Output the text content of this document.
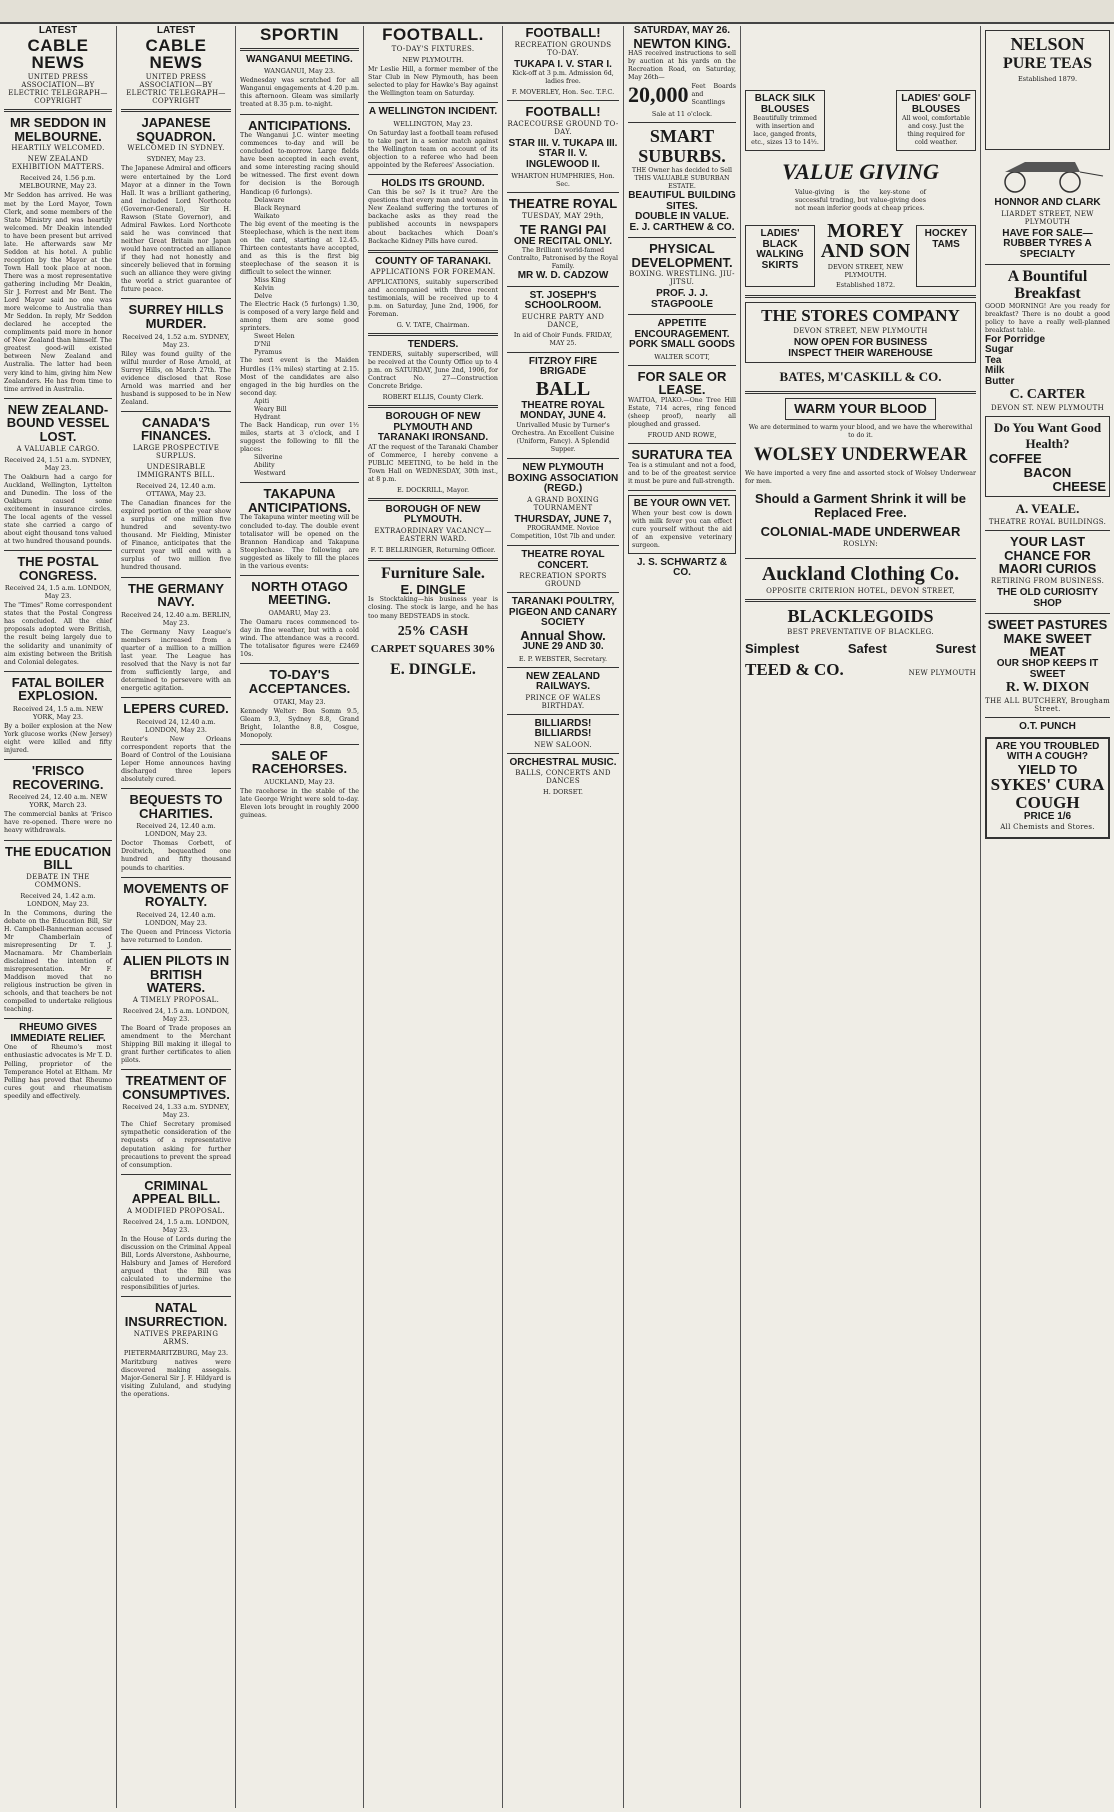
LATEST
CABLE NEWS
UNITED PRESS ASSOCIATION—BY ELECTRIC TELEGRAPH—COPYRIGHT
MR SEDDON IN MELBOURNE.
HEARTILY WELCOMED.
NEW ZEALAND EXHIBITION MATTERS.
Received 24, 1.56 p.m. MELBOURNE, May 23.
Mr Seddon has arrived. He was met by the Lord Mayor, Town Clerk, and some members of the State Ministry and was heartily welcomed. Mr Deakin intended to have been present but arrived late. He afterwards saw Mr Seddon at his hotel. A public reception by the Mayor at the Town Hall took place at noon. There was a most representative gathering including Mr Deakin, Sir J. Forrest and Mr Bent. The Lord Mayor said no one was more welcome to Australia than Mr Seddon. In reply, Mr Seddon declared he accepted the compliments paid more in honor of New Zealand than himself. The greatest good-will existed between New Zealand and Australia. The latter had been very kind to him, giving him New Zealanders. He has from time to time arrived in Australia.
NEW ZEALAND-BOUND VESSEL LOST.
A VALUABLE CARGO.
Received 24, 1.51 a.m. SYDNEY, May 23.
The Oakburn had a cargo for Auckland, Wellington, Lyttelton and Dunedin. The loss of the Oakburn caused some excitement in insurance circles. The local agents of the vessel state she carried a cargo of about eight thousand tons valued at two hundred thousand pounds.
THE POSTAL CONGRESS.
Received 24, 1.5 a.m. LONDON, May 23.
The "Times" Rome correspondent states that the Postal Congress has concluded. All the chief proposals adopted were British, the result being largely due to the solidarity and unanimity of aim existing between the British and Colonial delegates.
FATAL BOILER EXPLOSION.
Received 24, 1.5 a.m. NEW YORK, May 23.
By a boiler explosion at the New York glucose works (New Jersey) eight were killed and fifty injured.
'FRISCO RECOVERING.
Received 24, 12.40 a.m. NEW YORK, March 23.
The commercial banks at 'Frisco have re-opened. There were no heavy withdrawals.
THE EDUCATION BILL
DEBATE IN THE COMMONS.
Received 24, 1.42 a.m. LONDON, May 23.
In the Commons, during the debate on the Education Bill, Sir H. Campbell-Bannerman accused Mr Chamberlain of misrepresenting Dr T. J. Macnamara. Mr Chamberlain disclaimed the intention of misrepresentation. Mr F. Maddison moved that no religious instruction be given in schools, and that teachers be not compelled to undertake religious teaching.
RHEUMO GIVES IMMEDIATE RELIEF.
One of Rheumo's most enthusiastic advocates is Mr T. D. Pelling, proprietor of the Temperance Hotel at Eltham. Mr Pelling has proved that Rheumo cures gout and rheumatism speedily and effectively.
LATEST
CABLE NEWS
UNITED PRESS ASSOCIATION—BY ELECTRIC TELEGRAPH—COPYRIGHT
JAPANESE SQUADRON.
WELCOMED IN SYDNEY.
SYDNEY, May 23.
The Japanese Admiral and officers were entertained by the Lord Mayor at a dinner in the Town Hall. It was a brilliant gathering, and included Lord Northcote (Governor-General), Sir H. Rawson (State Governor), and Admiral Fawkes. Lord Northcote said he was convinced that neither Great Britain nor Japan would have contracted an alliance if they had not honestly and sincerely believed that in forming such an alliance they were giving the world a strict guarantee of future peace.
SURREY HILLS MURDER.
Received 24, 1.52 a.m. SYDNEY, May 23.
Riley was found guilty of the wilful murder of Rose Arnold, at Surrey Hills, on March 27th. The evidence disclosed that Rose Arnold was married and her husband is supposed to be in New Zealand.
CANADA'S FINANCES.
LARGE PROSPECTIVE SURPLUS.
UNDESIRABLE IMMIGRANTS BILL.
Received 24, 12.40 a.m. OTTAWA, May 23.
The Canadian finances for the expired portion of the year show a surplus of one million five hundred and seventy-two thousand. Mr Fielding, Minister of Finance, anticipates that the current year will end with a surplus of two million five hundred thousand.
THE GERMANY NAVY.
Received 24, 12.40 a.m. BERLIN, May 23.
The Germany Navy League's members increased from a quarter of a million to a million last year. The League has resolved that the Navy is not far from sufficiently large, and determined to persevere with an energetic agitation.
LEPERS CURED.
Received 24, 12.40 a.m. LONDON, May 23.
Reuter's New Orleans correspondent reports that the Board of Control of the Louisiana Leper Home announces having discharged three lepers absolutely cured.
BEQUESTS TO CHARITIES.
Received 24, 12.40 a.m. LONDON, May 23.
Doctor Thomas Corbett, of Droitwich, bequeathed one hundred and fifty thousand pounds to charities.
MOVEMENTS OF ROYALTY.
Received 24, 12.40 a.m. LONDON, May 23.
The Queen and Princess Victoria have returned to London.
ALIEN PILOTS IN BRITISH WATERS.
A TIMELY PROPOSAL.
Received 24, 1.5 a.m. LONDON, May 23.
The Board of Trade proposes an amendment to the Merchant Shipping Bill making it illegal to grant further certificates to alien pilots.
TREATMENT OF CONSUMPTIVES.
Received 24, 1.33 a.m. SYDNEY, May 23.
The Chief Secretary promised sympathetic consideration of the requests of a representative deputation asking for further precautions to prevent the spread of consumption.
CRIMINAL APPEAL BILL.
A MODIFIED PROPOSAL.
Received 24, 1.5 a.m. LONDON, May 23.
In the House of Lords during the discussion on the Criminal Appeal Bill, Lords Alverstone, Ashbourne, Halsbury and James of Hereford argued that the Bill was calculated to undermine the responsibilities of juries.
NATAL INSURRECTION.
NATIVES PREPARING ARMS.
PIETERMARITZBURG, May 23.
Maritzburg natives were discovered making assegais. Major-General Sir J. F. Hildyard is visiting Zululand, and studying the operations.
SPORTIN
WANGANUI MEETING.
WANGANUI, May 23.
Wednesday was scratched for all Wanganui engagements at 4.20 p.m. this afternoon. Gleam was similarly treated at 8.35 p.m. to-night.
ANTICIPATIONS.
The Wanganui J.C. winter meeting commences to-day and will be concluded to-morrow. Large fields have been accepted in each event, and some interesting racing should be witnessed. The first event down for decision is the Borough Handicap (6 furlongs).
Delaware
Black Reynard
Waikato
The big event of the meeting is the Steeplechase, which is the next item on the card, starting at 12.45. Thirteen contestants have accepted, and as this is the first big steeplechase of the season it is difficult to select the winner.
Miss King
Kelvin
Delve
The Electric Hack (5 furlongs) 1.30, is composed of a very large field and among them are some good sprinters.
Sweet Helen
D'Nil
Pyramus
The next event is the Maiden Hurdles (1¾ miles) starting at 2.15. Most of the candidates are also engaged in the big hurdles on the second day.
Apiti
Weary Bill
Hydrant
The Back Handicap, run over 1½ miles, starts at 3 o'clock, and I suggest the following to fill the places:
Silverine
Ability
Westward
TAKAPUNA ANTICIPATIONS.
The Takapuna winter meeting will be concluded to-day. The double event totalisator will be opened on the Brannon Handicap and Takapuna Steeplechase. The following are suggested as likely to fill the places in the various events:
NORTH OTAGO MEETING.
OAMARU, May 23.
The Oamaru races commenced to-day in fine weather, but with a cold wind. The attendance was a record. The totalisator figures were £2469 10s.
TO-DAY'S ACCEPTANCES.
OTAKI, May 23.
Kennedy Welter: Bon Somm 9.5, Gleam 9.3, Sydney 8.8, Grand Bright, Iolanthe 8.8, Cosgue, Monopoly.
SALE OF RACEHORSES.
AUCKLAND, May 23.
The racehorse in the stable of the late George Wright were sold to-day. Eleven lots brought in roughly 2000 guineas.
FOOTBALL.
TO-DAY'S FIXTURES.
NEW PLYMOUTH.
Mr Leslie Hill, a former member of the Star Club in New Plymouth, has been selected to play for Hawke's Bay against the Wellington team on Saturday.
A WELLINGTON INCIDENT.
WELLINGTON, May 23.
On Saturday last a football team refused to take part in a senior match against the Wellington team on account of its objection to a referee who had been appointed by the Referees' Association.
HOLDS ITS GROUND.
Can this be so? Is it true? Are the questions that every man and woman in New Zealand suffering the tortures of backache asks as they read the published accounts in newspapers about backaches which Doan's Backache Kidney Pills have cured.
COUNTY OF TARANAKI.
APPLICATIONS FOR FOREMAN.
APPLICATIONS, suitably superscribed and accompanied with three recent testimonials, will be received up to 4 p.m. on Saturday, June 2nd, 1906, for Foreman.
G. V. TATE, Chairman.
TENDERS.
TENDERS, suitably superscribed, will be received at the County Office up to 4 p.m. on SATURDAY, June 2nd, 1906, for Contract No. 27—Construction Concrete Bridge.
ROBERT ELLIS, County Clerk.
BOROUGH OF NEW PLYMOUTH AND TARANAKI IRONSAND.
AT the request of the Taranaki Chamber of Commerce, I hereby convene a PUBLIC MEETING, to be held in the Town Hall on WEDNESDAY, 30th inst., at 8 p.m.
E. DOCKRILL, Mayor.
BOROUGH OF NEW PLYMOUTH.
EXTRAORDINARY VACANCY—EASTERN WARD.
F. T. BELLRINGER, Returning Officer.
Furniture Sale.
E. DINGLE
Is Stocktaking—his business year is closing. The stock is large, and he has too many BEDSTEADS in stock.
25% CASH
CARPET SQUARES 30%
E. DINGLE.
FOOTBALL!
RECREATION GROUNDS TO-DAY.
TUKAPA I. V. STAR I.
Kick-off at 3 p.m. Admission 6d, ladies free.
F. MOVERLEY, Hon. Sec. T.F.C.
FOOTBALL!
RACECOURSE GROUND TO-DAY.
STAR III. V. TUKAPA III.
STAR II. V. INGLEWOOD II.
WHARTON HUMPHRIES, Hon. Sec.
THEATRE ROYAL
TUESDAY, MAY 29th,
TE RANGI PAI
ONE RECITAL ONLY.
The Brilliant world-famed Contralto, Patronised by the Royal Family.
MR W. D. CADZOW
ST. JOSEPH'S SCHOOLROOM.
EUCHRE PARTY AND DANCE,
In aid of Choir Funds. FRIDAY, MAY 25.
FITZROY FIRE BRIGADE
BALL
THEATRE ROYAL
MONDAY, JUNE 4.
Unrivalled Music by Turner's Orchestra. An Excellent Cuisine (Uniform, Fancy). A Splendid Supper.
NEW PLYMOUTH BOXING ASSOCIATION (REGD.)
A GRAND BOXING TOURNAMENT
THURSDAY, JUNE 7,
PROGRAMME. Novice Competition, 10st 7lb and under.
THEATRE ROYAL
CONCERT.
RECREATION SPORTS GROUND
TARANAKI POULTRY, PIGEON AND CANARY SOCIETY
Annual Show.
JUNE 29 AND 30.
E. P. WEBSTER, Secretary.
NEW ZEALAND RAILWAYS.
PRINCE OF WALES BIRTHDAY.
BILLIARDS! BILLIARDS!
NEW SALOON.
ORCHESTRAL MUSIC.
BALLS, CONCERTS AND DANCES
H. DORSET.
SATURDAY, MAY 26.
NEWTON KING.
HAS received instructions to sell by auction at his yards on the Recreation Road, on Saturday, May 26th—
20,000 Feet Boards and Scantlings
Sale at 11 o'clock.
SMART SUBURBS.
THE Owner has decided to Sell THIS VALUABLE SUBURBAN ESTATE.
BEAUTIFUL BUILDING SITES.
DOUBLE IN VALUE.
E. J. CARTHEW & CO.
PHYSICAL DEVELOPMENT.
BOXING. WRESTLING. JIU-JITSU.
PROF. J. J. STAGPOOLE
APPETITE ENCOURAGEMENT.
PORK SMALL GOODS
WALTER SCOTT,
FOR SALE OR LEASE.
WAITOA, PIAKO.—One Tree Hill Estate, 714 acres, ring fenced (sheep proof), nearly all ploughed and grassed.
FROUD AND ROWE,
SURATURA TEA
Tea is a stimulant and not a food, and to be of the greatest service it must be pure and full-strength.
BE YOUR OWN VET.
When your best cow is down with milk fever you can effect cure yourself without the aid of an expensive veterinary surgeon.
J. S. SCHWARTZ & CO.
BLACK SILK BLOUSES
Beautifully trimmed with insertion and lace, ganged fronts, etc., sizes 13 to 14½.
LADIES' GOLF BLOUSES
All wool, comfortable and cosy. Just the thing required for cold weather.
VALUE GIVING
Value-giving is the key-stone of successful trading, but value-giving does not mean inferior goods at cheap prices.
LADIES' BLACK WALKING SKIRTS
MOREY AND SON
DEVON STREET, NEW PLYMOUTH.
Established 1872.
HOCKEY TAMS
THE STORES COMPANY
DEVON STREET, NEW PLYMOUTH
NOW OPEN FOR BUSINESS
INSPECT THEIR WAREHOUSE
BATES, M'CASKILL & CO.
WARM YOUR BLOOD
We are determined to warm your blood, and we have the wherewithal to do it.
WOLSEY UNDERWEAR
We have imported a very fine and assorted stock of Wolsey Underwear for men.
Should a Garment Shrink it will be Replaced Free.
COLONIAL-MADE UNDERWEAR
ROSLYN:
Auckland Clothing Co.
OPPOSITE CRITERION HOTEL, DEVON STREET,
BLACKLEGOIDS
BEST PREVENTATIVE OF BLACKLEG.
Simplest	Safest	Surest
TEED & CO.	NEW PLYMOUTH
NELSON
PURE TEAS
Established 1879.
HONNOR AND CLARK
LIARDET STREET, NEW PLYMOUTH
HAVE FOR SALE—
RUBBER TYRES A SPECIALTY
A Bountiful Breakfast
GOOD MORNING! Are you ready for breakfast? There is no doubt a good policy to have a really well-planned breakfast table.
For Porridge
Sugar
Tea
Milk
Butter
C. CARTER
DEVON ST. NEW PLYMOUTH
Do You Want Good Health?
COFFEE
BACON
CHEESE
A. VEALE.
THEATRE ROYAL BUILDINGS.
YOUR LAST CHANCE FOR MAORI CURIOS
RETIRING FROM BUSINESS.
THE OLD CURIOSITY SHOP
SWEET PASTURES MAKE SWEET MEAT
OUR SHOP KEEPS IT SWEET
R. W. DIXON
THE ALL BUTCHERY, Brougham Street.
O.T. PUNCH
ARE YOU TROUBLED WITH A COUGH?
YIELD TO
SYKES' CURA COUGH
PRICE 1/6
All Chemists and Stores.
